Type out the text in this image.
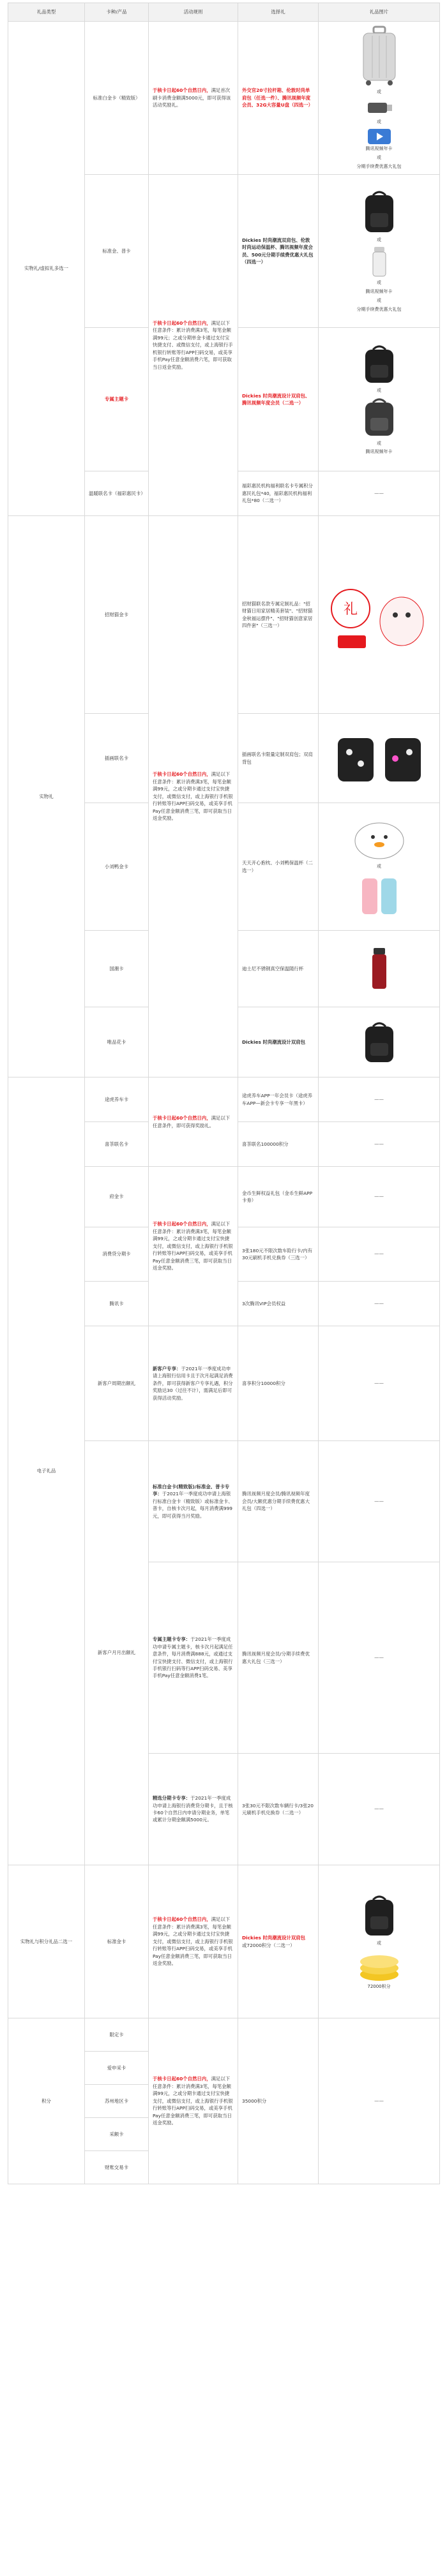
礼品类型	卡种/产品	活动规则	选择礼	礼品图片
实物礼/虚拟礼多选一	标准白金卡（精致版）	于核卡日起60个自然日内，满足首次刷卡消费金额满5000元，即可获得该活动奖励礼。	外交官20寸拉杆箱、伦敦时尚单肩包（任选一件）、腾讯视频年度会员、32G大容量U盘（四选一）	或
或
腾讯视频年卡
或
分期手续费优惠大礼包

	标准金、普卡	于核卡日起60个自然日内，满足以下任意条件：累计消费满3笔，每笔金额满99元；之或分期单金卡通过支付宝快捷支付、或微信支付，或上海银行手机银行转账等行APP扫码交易，或美享手机Pay任意金额消费六笔，即可获取当日返金奖励。	Dickies 时尚潮流双肩包、伦敦时尚运动保温杯、腾讯视频年度会员、500元分期手续费优惠大礼包（四选一）	或
或
腾讯视频年卡
或
分期手续费优惠大礼包

	专属主题卡		Dickies 时尚潮流设计双肩包、腾讯视频年度会员（二选一）	或
或
腾讯视频年卡

	温暖联名卡（福彩惠民卡）		福彩惠民机构福利联名卡专属积分惠民礼包*40，福彩惠民机构福利礼包*80（二选一）	——
实物礼	招财猫金卡	于核卡日起60个自然日内，满足以下任意条件：累计消费满3笔，每笔金额满99元，之或分期卡通过支付宝快捷支付，或微信支付，或上海银行手机银行转账等行APP扫码交易，或美享手机Pay任意金额消费三笔，即可获取当日返金奖励。	招财猫联名款专属定制礼品："招财猫日用家居精美套装"、"招财猫金秋福运摆件"、"招财猫创意家居四件套"（三选一）	礼

	插画联名卡		插画联名卡限量定制双肩包；双肩背包	

	小刘鸭金卡		天天开心抱枕、小刘鸭保温杯（二选一）	或

	国潮卡		迪士尼不锈钢真空保温随行杯	

	唯品花卡		Dickies 时尚潮流设计双肩包	

电子礼品	途虎养车卡	于核卡日起60个自然日内，满足以下任意条件，即可获得奖励礼。	途虎养车APP一年会员卡（途虎养车APP—新会卡专享一年黑卡）	——
	喜茶联名卡		喜茶联名100000积分	——
	府金卡	于核卡日起60个自然日内，满足以下任意条件：累计消费满3笔，每笔金额满99元，之或分期卡通过支付宝快捷支付，或微信支付，或上海银行手机银行转账等行APP扫码交易，或美享手机Pay任意金额消费三笔，即可获取当日返金奖励。	金币生鲜权益礼包（金币生鲜APP卡劵）	——
	消费贷分期卡		3张180元不限次数车险行卡/内有30元刷机手机兑换券（三选一）	——
	腾讯卡		3次腾讯VIP会员权益	——
	新客户周期出额礼	新客户专享：于2021年一季度成功申请上海银行信用卡且于次月起满足消费条件，即可获得新客户专享礼遇，积分奖励达30（过往不计），需满足后即可获得活动奖励。	喜享积分10000积分	——
	新客户月月出额礼	标准白金卡(精致版)/标准金、普卡专享：于2021年一季度成功申请上海银行标准白金卡（精致版）或标准金卡、普卡，自核卡次月起，每月消费满999元，即可获得当月奖励。	腾讯视频月度会员/腾讯视频年度会员/大额优惠分期手续费优惠大礼包（四选一）	——
		专属主题卡专享：于2021年一季度成功申请专属主题卡，核卡次月起满足任意条件，每月消费满888元，或通过支付宝快捷支付、微信支付，或上海银行手机银行扫码等行APP扫码交易、美享手机Pay任意金额消费1笔。	腾讯视频月度会员/分期手续费优惠大礼包（三选一）	——
		精选分期卡专享：于2021年一季度成功申请上海银行消费贷分期卡，且于核卡60个自然日内申请分期业务，单笔或累计分期金额满5000元。	3张30元不限次数车辆行卡/3张20元刷机手机兑换券（二选一）	——
实物礼与积分礼品二选一	标准金卡	于核卡日起60个自然日内，满足以下任意条件：累计消费满3笔，每笔金额满99元，之或分期卡通过支付宝快捷支付，或微信支付，或上海银行手机银行转账等行APP扫码交易，或美享手机Pay任意金额消费三笔，即可获取当日返金奖励。	Dickies 时尚潮流设计双肩包
或72000积分（二选一）	或
72000积分

积分	限定卡	于核卡日起60个自然日内，满足以下任意条件：累计消费满3笔，每笔金额满99元，之或分期卡通过支付宝快捷支付，或微信支付，或上海银行手机银行转账等行APP扫码交易，或美享手机Pay任意金额消费三笔，即可获取当日返金奖励。	35000积分	——
	爱申采卡			
	苏州地区卡			
	采额卡			
	财账交易卡			
